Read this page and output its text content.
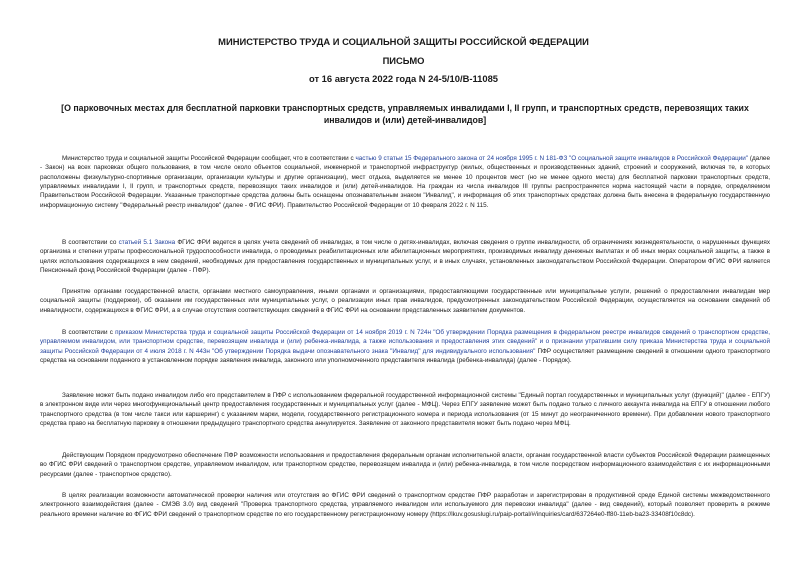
МИНИСТЕРСТВО ТРУДА И СОЦИАЛЬНОЙ ЗАЩИТЫ РОССИЙСКОЙ ФЕДЕРАЦИИ
ПИСЬМО
от 16 августа 2022 года N 24-5/10/В-11085
[О парковочных местах для бесплатной парковки транспортных средств, управляемых инвалидами I, II групп, и транспортных средств, перевозящих таких инвалидов и (или) детей-инвалидов]
Министерство труда и социальной защиты Российской Федерации сообщает, что в соответствии с частью 9 статьи 15 Федерального закона от 24 ноября 1995 г. N 181-ФЗ "О социальной защите инвалидов в Российской Федерации" (далее - Закон) на всех парковках общего пользования, в том числе около объектов социальной, инженерной и транспортной инфраструктур (жилых, общественных и производственных зданий, строений и сооружений, включая те, в которых расположены физкультурно-спортивные организации, организации культуры и другие организации), мест отдыха, выделяется не менее 10 процентов мест (но не менее одного места) для бесплатной парковки транспортных средств, управляемых инвалидами I, II групп, и транспортных средств, перевозящих таких инвалидов и (или) детей-инвалидов. На граждан из числа инвалидов III группы распространяется норма настоящей части в порядке, определяемом Правительством Российской Федерации. Указанные транспортные средства должны быть оснащены опознавательным знаком "Инвалид", и информация об этих транспортных средствах должна быть внесена в федеральную государственную информационную систему "Федеральный реестр инвалидов" (далее - ФГИС ФРИ). Правительство Российской Федерации от 10 февраля 2022 г. N 115.
В соответствии со статьей 5.1 Закона ФГИС ФРИ ведется в целях учета сведений об инвалидах, в том числе о детях-инвалидах, включая сведения о группе инвалидности, об ограничениях жизнедеятельности, о нарушенных функциях организма и степени утраты профессиональной трудоспособности инвалида, о проводимых реабилитационных или абилитационных мероприятиях, производимых инвалиду денежных выплатах и об иных мерах социальной защиты, а также в целях использования содержащихся в нем сведений, необходимых для предоставления государственных и муниципальных услуг, и в иных случаях, установленных законодательством Российской Федерации. Оператором ФГИС ФРИ является Пенсионный фонд Российской Федерации (далее - ПФР).
Принятие органами государственной власти, органами местного самоуправления, иными органами и организациями, предоставляющими государственные или муниципальные услуги, решений о предоставлении инвалидам мер социальной защиты (поддержки), об оказании им государственных или муниципальных услуг, о реализации иных прав инвалидов, предусмотренных законодательством Российской Федерации, осуществляется на основании сведений об инвалидности, содержащихся в ФГИС ФРИ, а в случае отсутствия соответствующих сведений в ФГИС ФРИ на основании представленных заявителем документов.
В соответствии с приказом Министерства труда и социальной защиты Российской Федерации от 14 ноября 2019 г. N 724н "Об утверждении Порядка размещения в федеральном реестре инвалидов сведений о транспортном средстве, управляемом инвалидом, или транспортном средстве, перевозящем инвалида и (или) ребенка-инвалида, а также использования и предоставления этих сведений" и о признании утратившим силу приказа Министерства труда и социальной защиты Российской Федерации от 4 июля 2018 г. N 443н "Об утверждении Порядка выдачи опознавательного знака "Инвалид" для индивидуального использования" ПФР осуществляет размещение сведений в отношении одного транспортного средства на основании поданного в установленном порядке заявления инвалида, законного или уполномоченного представителя инвалида (ребенка-инвалида) (далее - Порядок).
Заявление может быть подано инвалидом либо его представителем в ПФР с использованием федеральной государственной информационной системы "Единый портал государственных и муниципальных услуг (функций)" (далее - ЕПГУ) в электронном виде или через многофункциональный центр предоставления государственных и муниципальных услуг (далее - МФЦ). Через ЕПГУ заявление может быть подано только с личного аккаунта инвалида на ЕПГУ в отношении любого транспортного средства (в том числе такси или каршеринг) с указанием марки, модели, государственного регистрационного номера и периода использования (от 15 минут до неограниченного времени). При добавлении нового транспортного средства право на бесплатную парковку в отношении предыдущего транспортного средства аннулируется. Заявление от законного представителя может быть подано через МФЦ.
Действующим Порядком предусмотрено обеспечение ПФР возможности использования и предоставления федеральным органам исполнительной власти, органам государственной власти субъектов Российской Федерации размещенных во ФГИС ФРИ сведений о транспортном средстве, управляемом инвалидом, или транспортном средстве, перевозящем инвалида и (или) ребенка-инвалида, в том числе посредством информационного взаимодействия с их информационными ресурсами (далее - транспортное средство).
В целях реализации возможности автоматической проверки наличия или отсутствия во ФГИС ФРИ сведений о транспортном средстве ПФР разработан и зарегистрирован в продуктивной среде Единой системы межведомственного электронного взаимодействия (далее - СМЭВ 3.0) вид сведений "Проверка транспортного средства, управляемого инвалидом или используемого для перевозки инвалида" (далее - вид сведений), который позволяет проверить в режиме реального времени наличие во ФГИС ФРИ сведений о транспортном средстве по его государственному регистрационному номеру (https://lkuv.gosuslugi.ru/paip-portal/#/inquiries/card/637264e0-ff80-11eb-ba23-33408f10c8dc).
